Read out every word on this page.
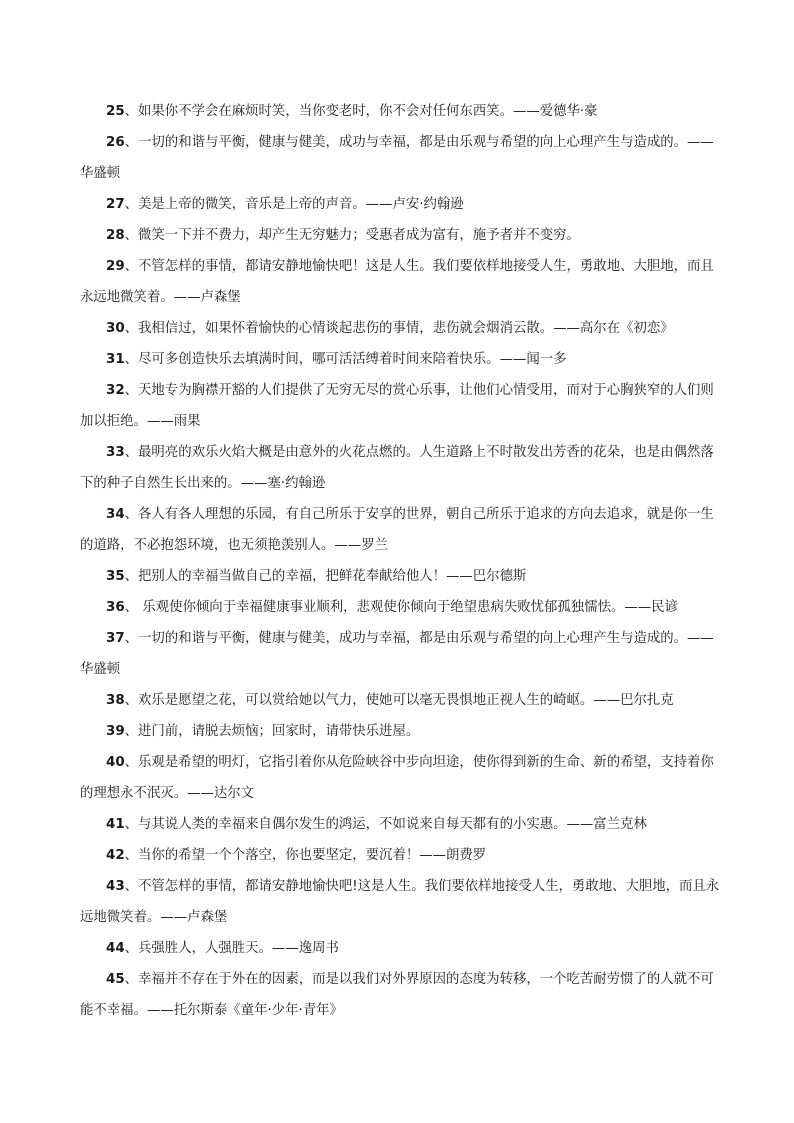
25、如果你不学会在麻烦时笑，当你变老时，你不会对任何东西笑。——爱德华·豪

26、一切的和谐与平衡，健康与健美，成功与幸福，都是由乐观与希望的向上心理产生与造成的。——华盛顿

27、美是上帝的微笑，音乐是上帝的声音。——卢安·约翰逊

28、微笑一下并不费力，却产生无穷魅力；受惠者成为富有，施予者并不变穷。

29、不管怎样的事情，都请安静地愉快吧！这是人生。我们要依样地接受人生，勇敢地、大胆地，而且永远地微笑着。——卢森堡

30、我相信过，如果怀着愉快的心情谈起悲伤的事情，悲伤就会烟消云散。——高尔在《初恋》

31、尽可多创造快乐去填满时间，哪可活活缚着时间来陪着快乐。——闻一多

32、天地专为胸襟开豁的人们提供了无穷无尽的赏心乐事，让他们心情受用，而对于心胸狭窄的人们则加以拒绝。——雨果

33、最明亮的欢乐火焰大概是由意外的火花点燃的。人生道路上不时散发出芳香的花朵，也是由偶然落下的种子自然生长出来的。——塞·约翰逊

34、各人有各人理想的乐园，有自己所乐于安享的世界，朝自己所乐于追求的方向去追求，就是你一生的道路，不必抱怨环境，也无须艳羡别人。——罗兰

35、把别人的幸福当做自己的幸福，把鲜花奉献给他人！——巴尔德斯

36、 乐观使你倾向于幸福健康事业顺利，悲观使你倾向于绝望患病失败忧郁孤独懦怯。——民谚

37、一切的和谐与平衡，健康与健美，成功与幸福，都是由乐观与希望的向上心理产生与造成的。——华盛顿

38、欢乐是愿望之花，可以赏给她以气力，使她可以毫无畏惧地正视人生的崎岖。——巴尔扎克

39、进门前，请脱去烦恼；回家时，请带快乐进屋。

40、乐观是希望的明灯，它指引着你从危险峡谷中步向坦途，使你得到新的生命、新的希望，支持着你的理想永不泯灭。——达尔文

41、与其说人类的幸福来自偶尔发生的鸿运，不如说来自每天都有的小实惠。——富兰克林

42、当你的希望一个个落空，你也要坚定，要沉着！——朗费罗

43、不管怎样的事情，都请安静地愉快吧!这是人生。我们要依样地接受人生，勇敢地、大胆地，而且永远地微笑着。——卢森堡

44、兵强胜人，人强胜天。——逸周书

45、幸福并不存在于外在的因素，而是以我们对外界原因的态度为转移，一个吃苦耐劳惯了的人就不可能不幸福。——托尔斯泰《童年·少年·青年》
